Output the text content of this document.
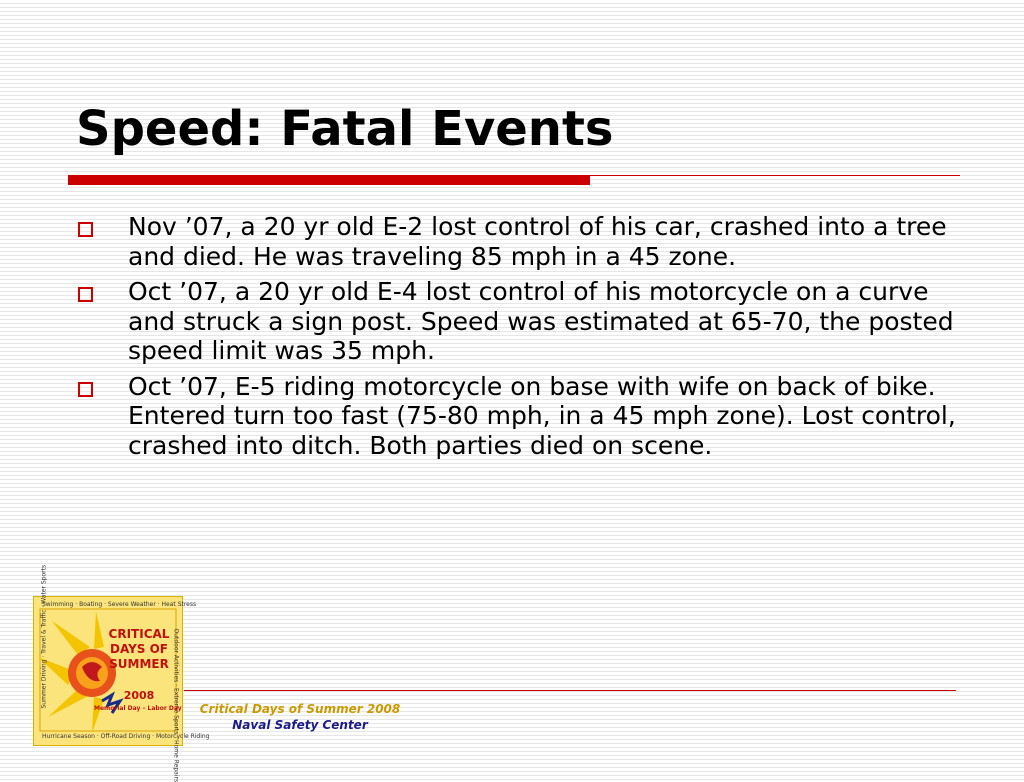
Speed: Fatal Events
Nov ’07, a 20 yr old E-2 lost control of his car, crashed into a tree and died. He was traveling 85 mph in a 45 zone.
Oct ’07, a 20 yr old E-4 lost control of his motorcycle on a curve and struck a sign post. Speed was estimated at 65-70, the posted speed limit was 35 mph.
Oct ’07, E-5 riding motorcycle on base with wife on back of bike. Entered turn too fast (75-80 mph, in a 45 mph zone). Lost control, crashed into ditch. Both parties died on scene.
Swimming · Boating · Severe Weather · Heat Stress
Hurricane Season · Off-Road Driving · Motorcycle Riding
Summer Driving · Travel & Traffic · Water Sports	Outdoor Activities · Extreme Sports · Home Repairs
CRITICAL
DAYS OF
SUMMER
2008
Memorial Day – Labor Day	Critical Days of Summer 2008
Naval Safety Center
